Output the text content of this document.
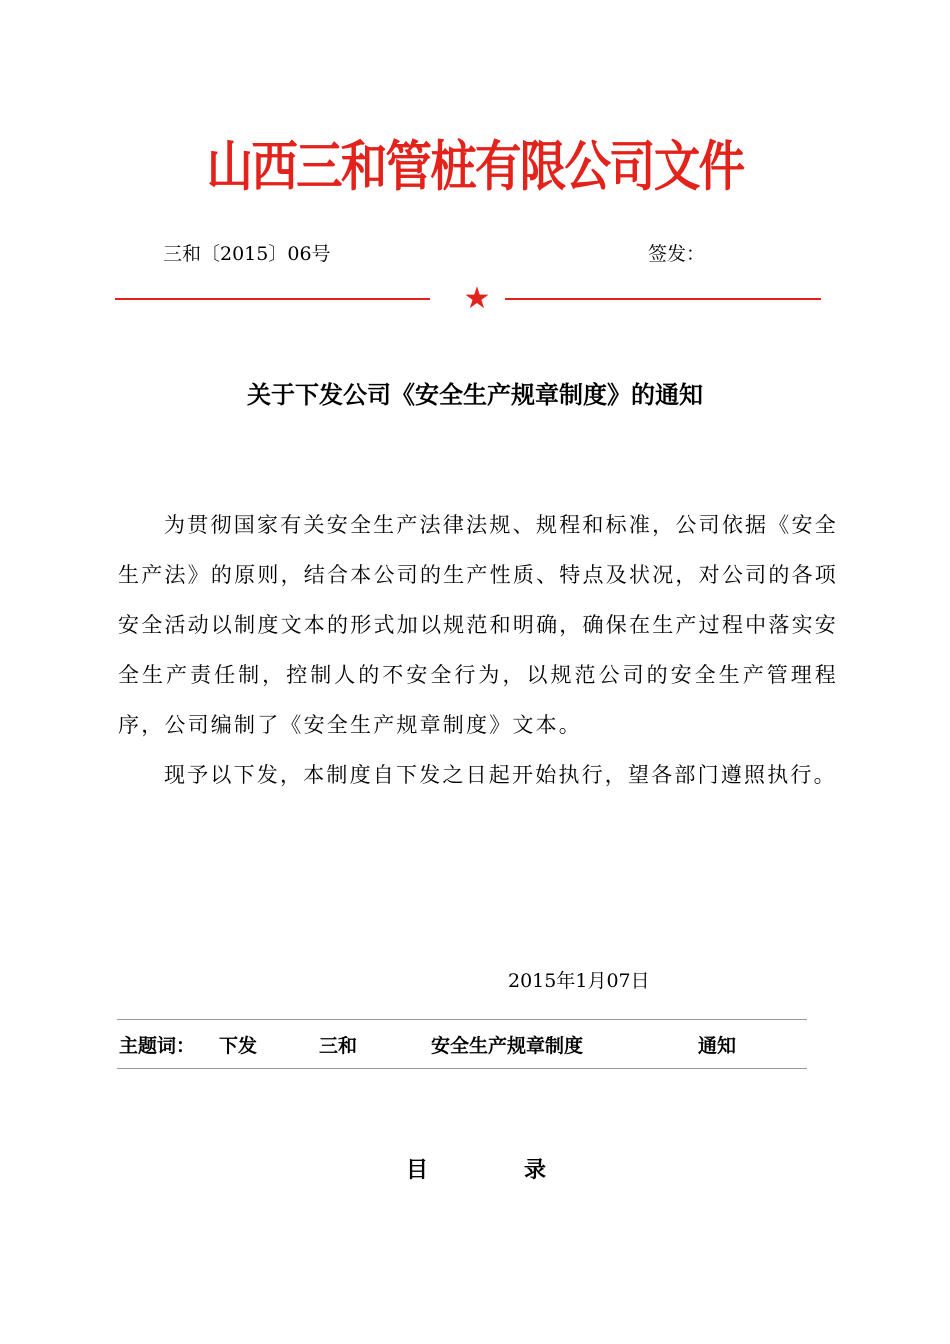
山西三和管桩有限公司文件
三和〔2015〕06号	签发：
★
关于下发公司《安全生产规章制度》的通知

为贯彻国家有关安全生产法律法规、规程和标准，公司依据《安全生产法》的原则，结合本公司的生产性质、特点及状况，对公司的各项安全活动以制度文本的形式加以规范和明确，确保在生产过程中落实安全生产责任制，控制人的不安全行为，以规范公司的安全生产管理程序，公司编制了《安全生产规章制度》文本。

现予以下发，本制度自下发之日起开始执行，望各部门遵照执行。

2015年1月07日
主题词： 下发	三和	安全生产规章制度	通知
目	录
